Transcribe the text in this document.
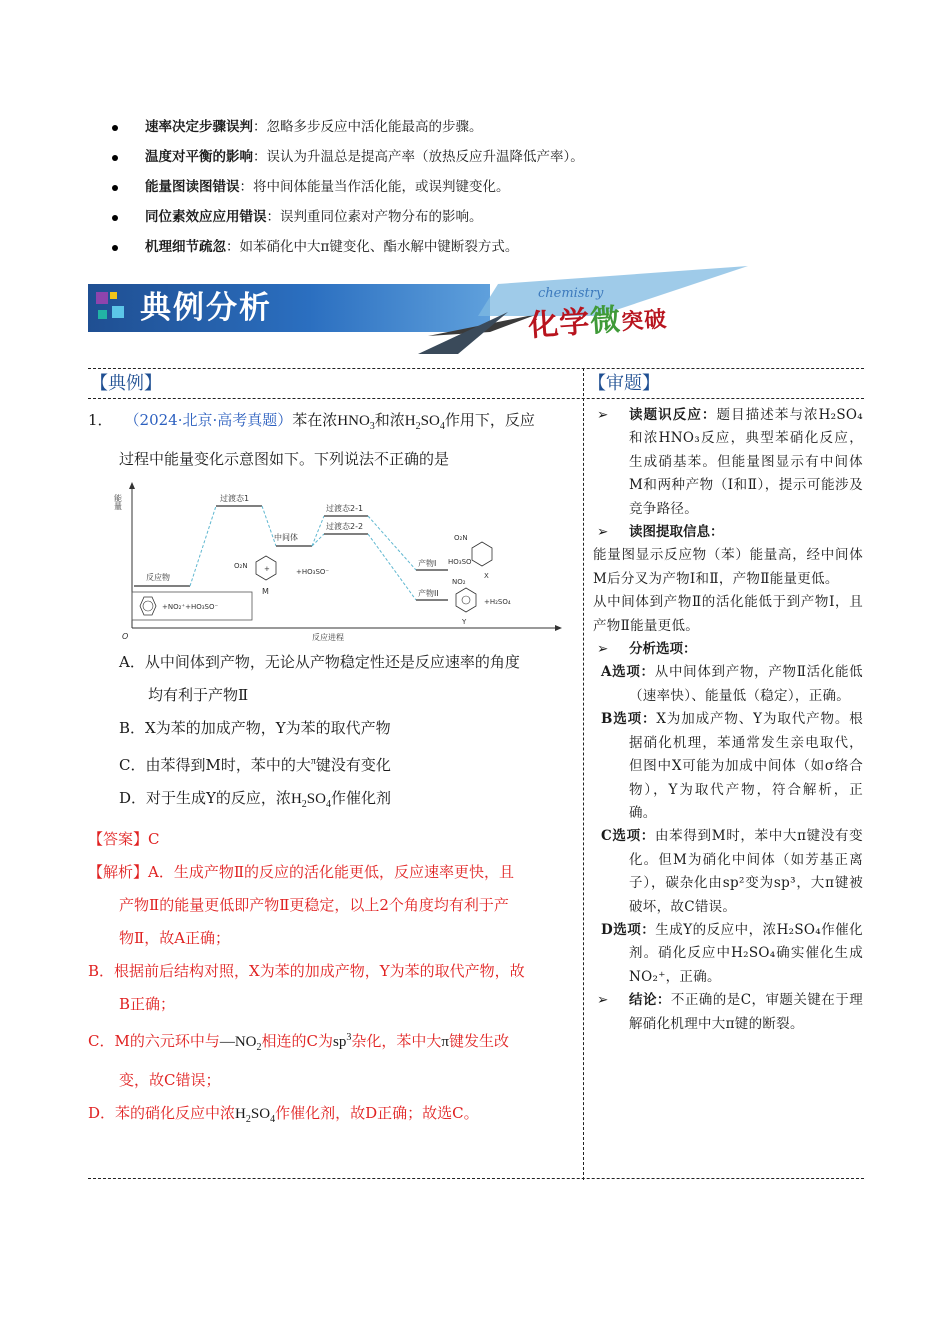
速率决定步骤误判：忽略多步反应中活化能最高的步骤。
温度对平衡的影响：误认为升温总是提高产率（放热反应升温降低产率）。
能量图读图错误：将中间体能量当作活化能，或误判键变化。
同位素效应应用错误：误判重同位素对产物分布的影响。
机理细节疏忽：如苯硝化中大π键变化、酯水解中键断裂方式。
典例分析	chemistry
化学微突破
【典例】	【审题】
1． （2024·北京·高考真题）苯在浓$HNO_3$和浓$H_2SO_4$作用下，反应
过程中能量变化示意图如下。下列说法不正确的是
能量
O	反应进程
反应物
过渡态1
中间体
过渡态2-1
过渡态2-2
产物I
产物II
+NO₂⁺+HO₃SO⁻
+
O₂N
M
+HO₃SO⁻
O₂N
HO₃SO
X
NO₂
+H₂SO₄
Y
A．从中间体到产物，无论从产物稳定性还是反应速率的角度
均有利于产物Ⅱ
B．X为苯的加成产物，Y为苯的取代产物
C．由苯得到M时，苯中的大$^\pi$键没有变化
D．对于生成Y的反应，浓$H_2SO_4$作催化剂
【答案】C
【解析】A．生成产物Ⅱ的反应的活化能更低，反应速率更快，且
产物Ⅱ的能量更低即产物Ⅱ更稳定，以上2个角度均有利于产
物Ⅱ，故A正确；
B．根据前后结构对照，X为苯的加成产物，Y为苯的取代产物，故
B正确；
C．M的六元环中与$—NO_2$相连的C为$sp^3$杂化，苯中大π键发生改
变，故C错误；
D．苯的硝化反应中浓$H_2SO_4$作催化剂，故D正确；故选C。
➢ 读题识反应：题目描述苯与浓H₂SO₄和浓HNO₃反应，典型苯硝化反应，生成硝基苯。但能量图显示有中间体M和两种产物（Ⅰ和Ⅱ），提示可能涉及竞争路径。
➢ 读图提取信息：
能量图显示反应物（苯）能量高，经中间体M后分叉为产物Ⅰ和Ⅱ，产物Ⅱ能量更低。
从中间体到产物Ⅱ的活化能低于到产物Ⅰ，且产物Ⅱ能量更低。
➢ 分析选项：
A选项：从中间体到产物，产物Ⅱ活化能低（速率快）、能量低（稳定），正确。
B选项：X为加成产物、Y为取代产物。根据硝化机理，苯通常发生亲电取代，但图中X可能为加成中间体（如σ络合物），Y为取代产物，符合解析，正确。
C选项：由苯得到M时，苯中大π键没有变化。但M为硝化中间体（如芳基正离子），碳杂化由sp²变为sp³，大π键被破坏，故C错误。
D选项：生成Y的反应中，浓H₂SO₄作催化剂。硝化反应中H₂SO₄确实催化生成NO₂⁺，正确。
➢ 结论：不正确的是C，审题关键在于理解硝化机理中大π键的断裂。
